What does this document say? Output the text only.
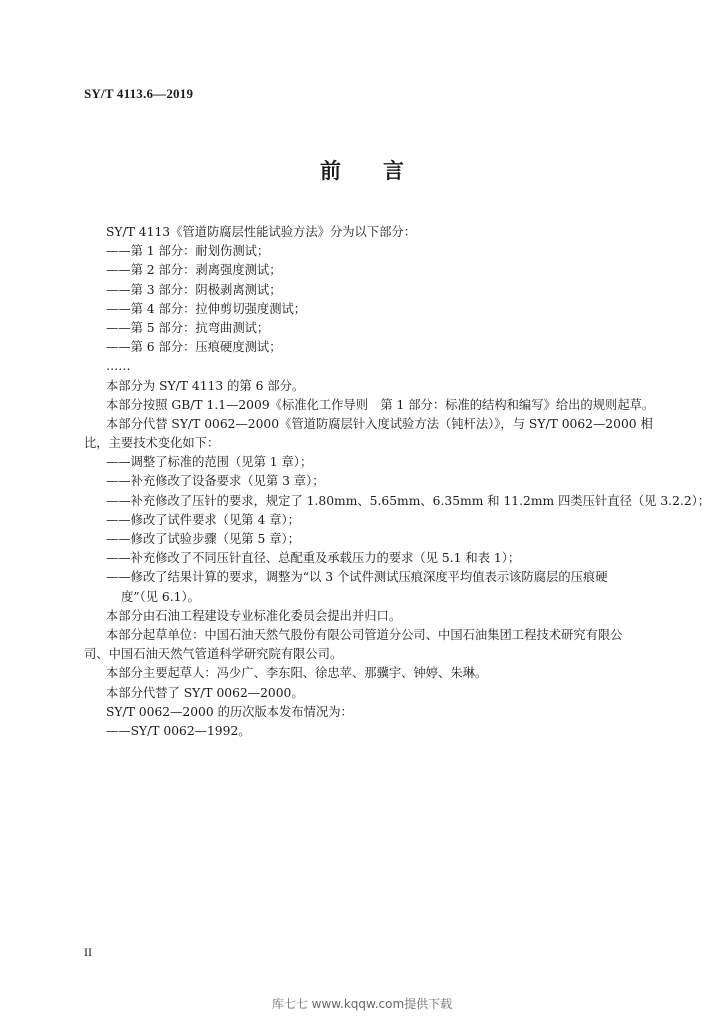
SY/T 4113.6—2019
前言
SY/T 4113《管道防腐层性能试验方法》分为以下部分：
——第 1 部分：耐划伤测试；
——第 2 部分：剥离强度测试；
——第 3 部分：阴极剥离测试；
——第 4 部分：拉伸剪切强度测试；
——第 5 部分：抗弯曲测试；
——第 6 部分：压痕硬度测试；
……
本部分为 SY/T 4113 的第 6 部分。
本部分按照 GB/T 1.1—2009《标准化工作导则　第 1 部分：标准的结构和编写》给出的规则起草。
本部分代替 SY/T 0062—2000《管道防腐层针入度试验方法（钝杆法）》，与 SY/T 0062—2000 相
比，主要技术变化如下：
——调整了标准的范围（见第 1 章）；
——补充修改了设备要求（见第 3 章）；
——补充修改了压针的要求，规定了 1.80mm、5.65mm、6.35mm 和 11.2mm 四类压针直径（见 3.2.2）；
——修改了试件要求（见第 4 章）；
——修改了试验步骤（见第 5 章）；
——补充修改了不同压针直径、总配重及承载压力的要求（见 5.1 和表 1）；
——修改了结果计算的要求，调整为“以 3 个试件测试压痕深度平均值表示该防腐层的压痕硬
度”（见 6.1）。
本部分由石油工程建设专业标准化委员会提出并归口。
本部分起草单位：中国石油天然气股份有限公司管道分公司、中国石油集团工程技术研究有限公
司、中国石油天然气管道科学研究院有限公司。
本部分主要起草人：冯少广、李东阳、徐忠苹、那骥宇、钟婷、朱琳。
本部分代替了 SY/T 0062—2000。
SY/T 0062—2000 的历次版本发布情况为：
——SY/T 0062—1992。
II
库七七 www.kqqw.com提供下载
